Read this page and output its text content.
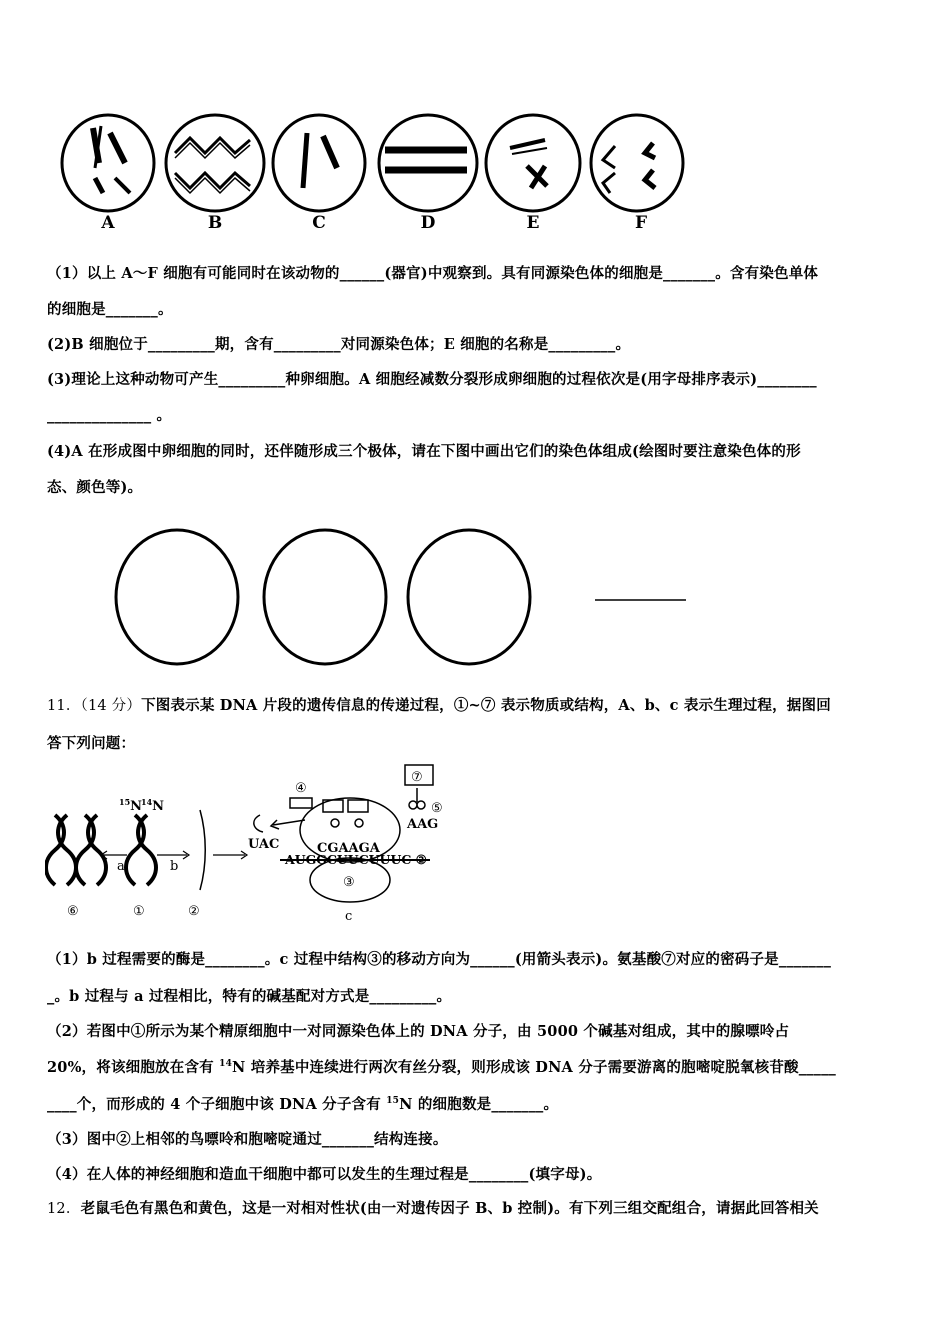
A	B	C	D	E	F
（1）以上 A～F 细胞有可能同时在该动物的______(器官)中观察到。具有同源染色体的细胞是_______。含有染色单体
的细胞是_______。
(2)B 细胞位于_________期，含有_________对同源染色体；E 细胞的名称是_________。
(3)理论上这种动物可产生_________种卵细胞。A 细胞经减数分裂形成卵细胞的过程依次是(用字母排序表示)________
______________ 。
(4)A 在形成图中卵细胞的同时，还伴随形成三个极体，请在下图中画出它们的染色体组成(绘图时要注意染色体的形
态、颜色等)。
11．（14 分）下图表示某 DNA 片段的遗传信息的传递过程，①~⑦ 表示物质或结构，A、b、c 表示生理过程，据图回
答下列问题：
$^{15}$N
$^{14}$N
a	b
⑥	①	②
④
⑦
⑤
UAC
AAG
CGAAGA
AUGGCUUCUUUC ②
③
c
（1）b 过程需要的酶是________。c 过程中结构③的移动方向为______(用箭头表示)。氨基酸⑦对应的密码子是_______
_。b 过程与 a 过程相比，特有的碱基配对方式是_________。
（2）若图中①所示为某个精原细胞中一对同源染色体上的 DNA 分子，由 5000 个碱基对组成，其中的腺嘌呤占
20%，将该细胞放在含有 $^{14}$N 培养基中连续进行两次有丝分裂，则形成该 DNA 分子需要游离的胞嘧啶脱氧核苷酸_____
____个，而形成的 4 个子细胞中该 DNA 分子含有 $^{15}$N 的细胞数是_______。
（3）图中②上相邻的鸟嘌呤和胞嘧啶通过_______结构连接。
（4）在人体的神经细胞和造血干细胞中都可以发生的生理过程是________(填字母)。
12．老鼠毛色有黑色和黄色，这是一对相对性状(由一对遗传因子 B、b 控制)。有下列三组交配组合，请据此回答相关
